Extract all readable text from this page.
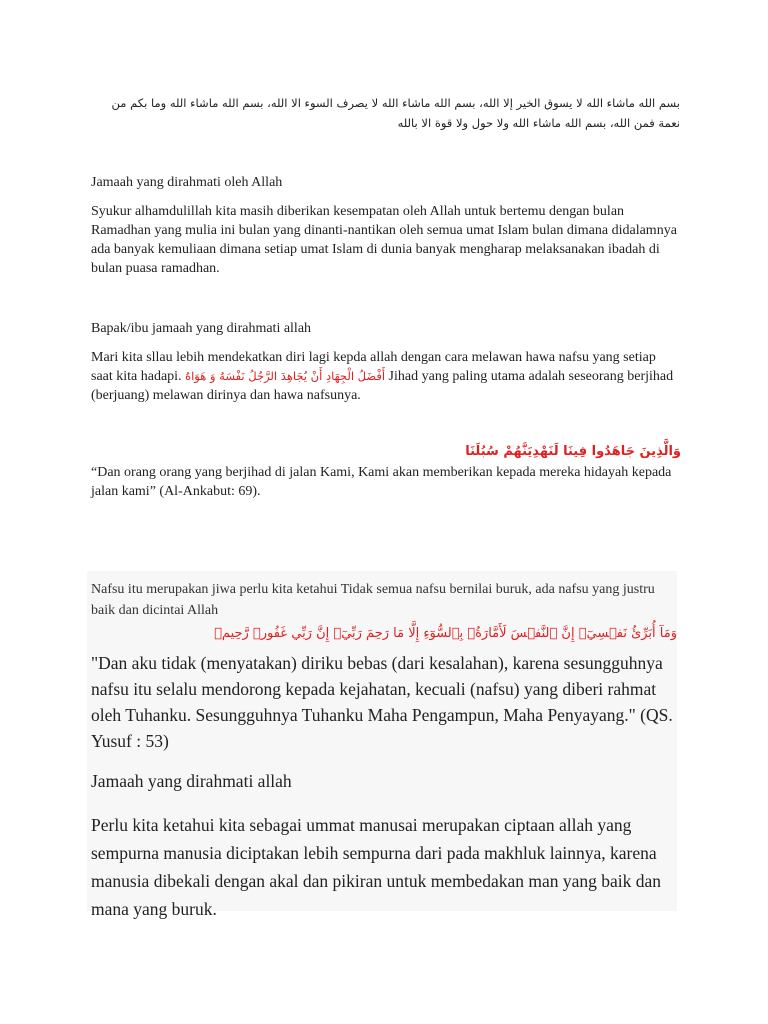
بسم الله ماشاء الله لا يسوق الخير إلا الله، بسم الله ماشاء الله لا يصرف السوء الا الله، بسم الله ماشاء الله وما بكم من نعمة فمن الله، بسم الله ماشاء الله ولا حول ولا قوة الا بالله
Jamaah yang dirahmati oleh Allah
Syukur alhamdulillah kita masih diberikan kesempatan oleh Allah untuk bertemu dengan bulan Ramadhan yang mulia ini bulan yang dinanti-nantikan oleh semua umat Islam bulan dimana didalamnya ada banyak kemuliaan dimana setiap umat Islam di dunia banyak mengharap melaksanakan ibadah di bulan puasa ramadhan.
Bapak/ibu jamaah yang dirahmati allah
Mari kita sllau lebih mendekatkan diri lagi kepda allah dengan cara melawan hawa nafsu yang setiap saat kita hadapi. أَفْضَلُ الْجِهَادِ أَنْ يُجَاهِدَ الرَّجُلُ نَفْسَهُ وَ هَوَاهُ Jihad yang paling utama adalah seseorang berjihad (berjuang) melawan dirinya dan hawa nafsunya.
وَالَّذِينَ جَاهَدُوا فِينَا لَنَهْدِيَنَّهُمْ سُبُلَنَا
“Dan orang orang yang berjihad di jalan Kami, Kami akan memberikan kepada mereka hidayah kepada jalan kami” (Al-Ankabut: 69).
Nafsu itu merupakan jiwa perlu kita ketahui Tidak semua nafsu bernilai buruk, ada nafsu yang justru baik dan dicintai Allah
وَمَآ أُبَرِّئُ نَفۡسِيٓۚ إِنَّ ٱلنَّفۡسَ لَأَمَّارَةُۢ بِٱلسُّوٓءِ إِلَّا مَا رَحِمَ رَبِّيٓۚ إِنَّ رَبِّي غَفُورٞ رَّحِيمٞ
"Dan aku tidak (menyatakan) diriku bebas (dari kesalahan), karena sesungguhnya nafsu itu selalu mendorong kepada kejahatan, kecuali (nafsu) yang diberi rahmat oleh Tuhanku. Sesungguhnya Tuhanku Maha Pengampun, Maha Penyayang." (QS. Yusuf : 53)
Jamaah yang dirahmati allah
Perlu kita ketahui kita sebagai ummat manusai merupakan ciptaan allah yang sempurna manusia diciptakan lebih sempurna dari pada makhluk lainnya, karena manusia dibekali dengan akal dan pikiran untuk membedakan man yang baik dan mana yang buruk.
